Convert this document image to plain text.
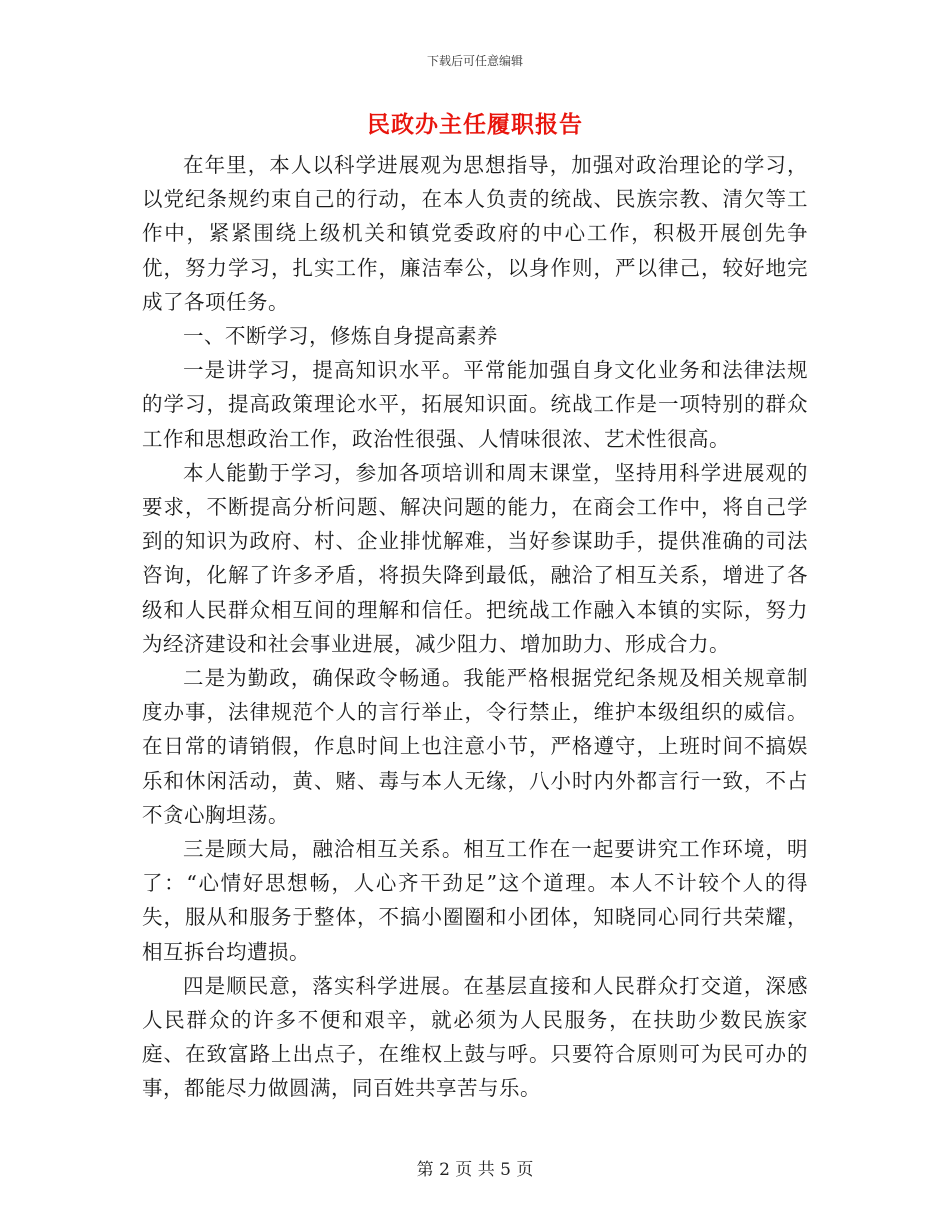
下载后可任意编辑
民政办主任履职报告

在年里，本人以科学进展观为思想指导，加强对政治理论的学习，以党纪条规约束自己的行动，在本人负责的统战、民族宗教、清欠等工作中，紧紧围绕上级机关和镇党委政府的中心工作，积极开展创先争优，努力学习，扎实工作，廉洁奉公，以身作则，严以律己，较好地完成了各项任务。

一、不断学习，修炼自身提高素养

一是讲学习，提高知识水平。平常能加强自身文化业务和法律法规的学习，提高政策理论水平，拓展知识面。统战工作是一项特别的群众工作和思想政治工作，政治性很强、人情味很浓、艺术性很高。

本人能勤于学习，参加各项培训和周末课堂，坚持用科学进展观的要求，不断提高分析问题、解决问题的能力，在商会工作中，将自己学到的知识为政府、村、企业排忧解难，当好参谋助手，提供准确的司法咨询，化解了许多矛盾，将损失降到最低，融洽了相互关系，增进了各级和人民群众相互间的理解和信任。把统战工作融入本镇的实际，努力为经济建设和社会事业进展，减少阻力、增加助力、形成合力。

二是为勤政，确保政令畅通。我能严格根据党纪条规及相关规章制度办事，法律规范个人的言行举止，令行禁止，维护本级组织的威信。在日常的请销假，作息时间上也注意小节，严格遵守，上班时间不搞娱乐和休闲活动，黄、赌、毒与本人无缘，八小时内外都言行一致，不占不贪心胸坦荡。

三是顾大局，融洽相互关系。相互工作在一起要讲究工作环境，明了：“心情好思想畅，人心齐干劲足”这个道理。本人不计较个人的得失，服从和服务于整体，不搞小圈圈和小团体，知晓同心同行共荣耀，相互拆台均遭损。

四是顺民意，落实科学进展。在基层直接和人民群众打交道，深感人民群众的许多不便和艰辛，就必须为人民服务，在扶助少数民族家庭、在致富路上出点子，在维权上鼓与呼。只要符合原则可为民可办的事，都能尽力做圆满，同百姓共享苦与乐。

第 2 页 共 5 页
